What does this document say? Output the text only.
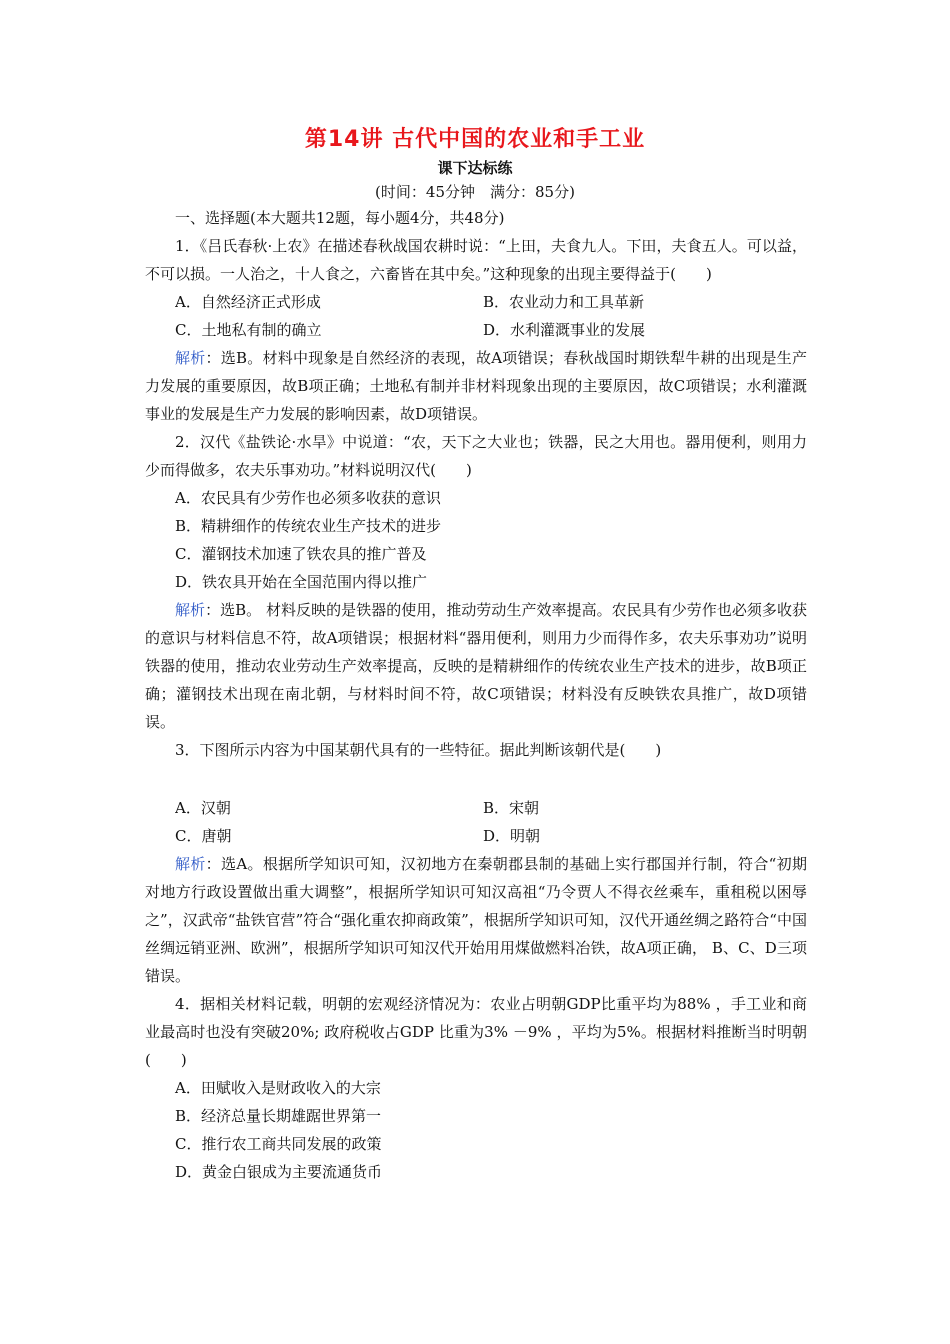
第14讲 古代中国的农业和手工业
课下达标练
(时间：45分钟　满分：85分)
一、选择题(本大题共12题，每小题4分，共48分)
1．《吕氏春秋·上农》在描述春秋战国农耕时说：“上田，夫食九人。下田，夫食五人。可以益，不可以损。一人治之，十人食之，六畜皆在其中矣。”这种现象的出现主要得益于(　　)
A．自然经济正式形成	B．农业动力和工具革新
C．土地私有制的确立	D．水利灌溉事业的发展
解析：选B。材料中现象是自然经济的表现，故A项错误；春秋战国时期铁犁牛耕的出现是生产力发展的重要原因，故B项正确；土地私有制并非材料现象出现的主要原因，故C项错误；水利灌溉事业的发展是生产力发展的影响因素，故D项错误。
2．汉代《盐铁论·水旱》中说道：“农，天下之大业也；铁器，民之大用也。器用便利，则用力少而得做多，农夫乐事劝功。”材料说明汉代(　　)
A．农民具有少劳作也必须多收获的意识
B．精耕细作的传统农业生产技术的进步
C．灌钢技术加速了铁农具的推广普及
D．铁农具开始在全国范围内得以推广
解析：选B。 材料反映的是铁器的使用，推动劳动生产效率提高。农民具有少劳作也必须多收获的意识与材料信息不符，故A项错误；根据材料“器用便利，则用力少而得作多，农夫乐事劝功”说明铁器的使用，推动农业劳动生产效率提高，反映的是精耕细作的传统农业生产技术的进步，故B项正确；灌钢技术出现在南北朝，与材料时间不符，故C项错误；材料没有反映铁农具推广，故D项错误。
3．下图所示内容为中国某朝代具有的一些特征。据此判断该朝代是(　　)
A．汉朝	B．宋朝
C．唐朝	D．明朝
解析：选A。根据所学知识可知，汉初地方在秦朝郡县制的基础上实行郡国并行制，符合“初期对地方行政设置做出重大调整”，根据所学知识可知汉高祖“乃令贾人不得衣丝乘车，重租税以困辱之”，汉武帝“盐铁官营”符合“强化重农抑商政策”，根据所学知识可知，汉代开通丝绸之路符合“中国丝绸远销亚洲、欧洲”，根据所学知识可知汉代开始用用煤做燃料冶铁，故A项正确， B、C、D三项错误。
4．据相关材料记载，明朝的宏观经济情况为：农业占明朝GDP比重平均为88% ，手工业和商业最高时也没有突破20%; 政府税收占GDP 比重为3% －9% ，平均为5%。根据材料推断当时明朝(　　)
A．田赋收入是财政收入的大宗
B．经济总量长期雄踞世界第一
C．推行农工商共同发展的政策
D．黄金白银成为主要流通货币
